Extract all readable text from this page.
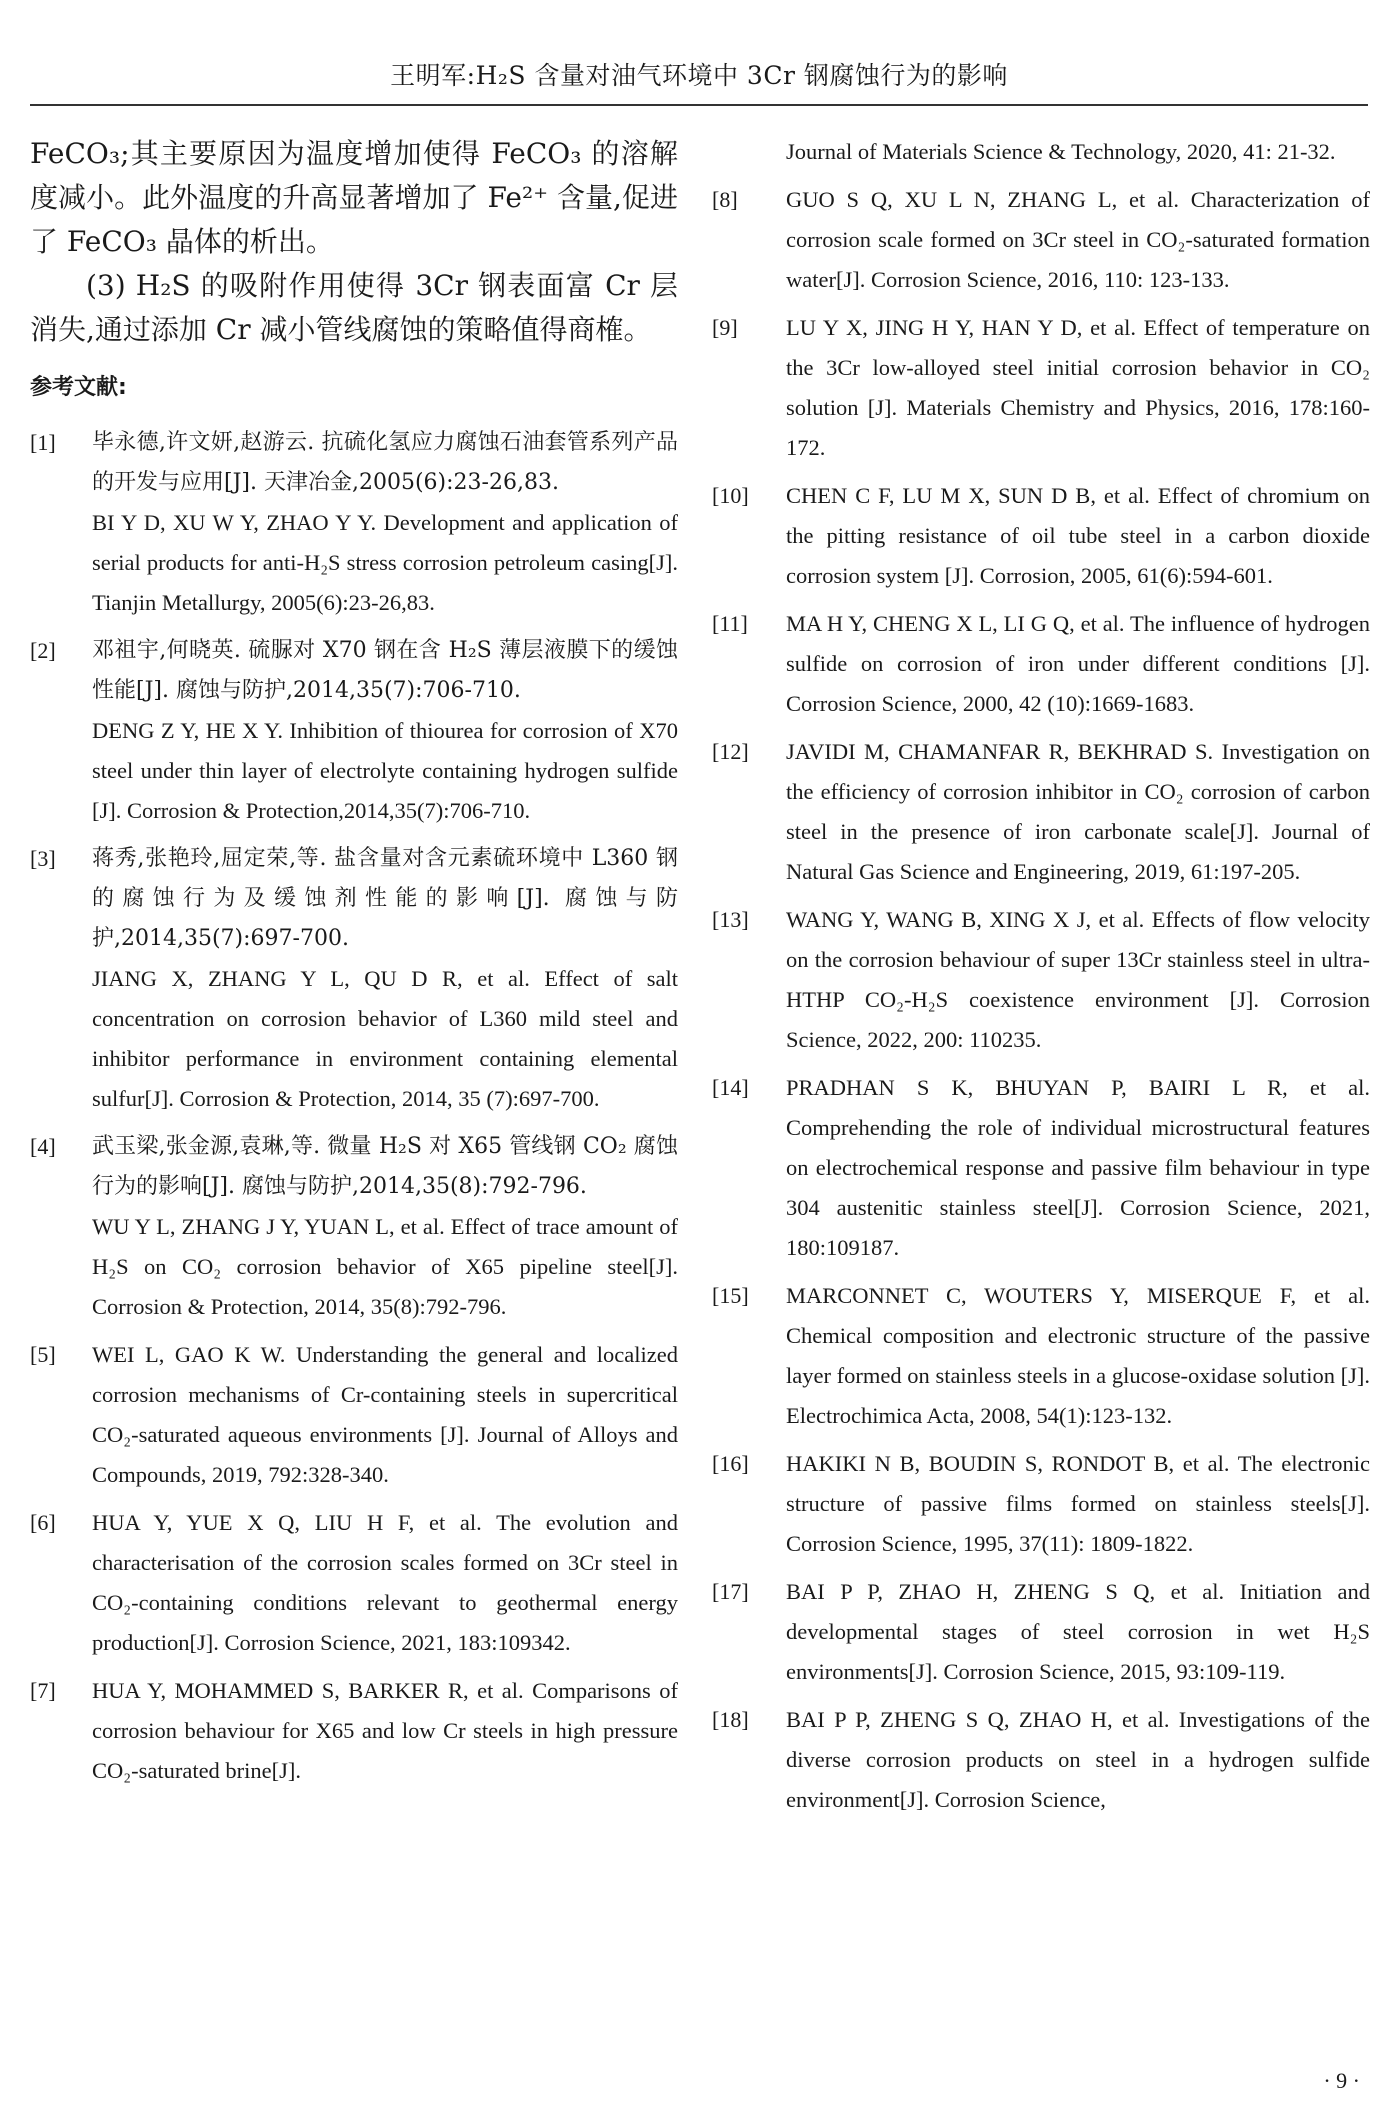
王明军:H₂S 含量对油气环境中 3Cr 钢腐蚀行为的影响

FeCO₃;其主要原因为温度增加使得 FeCO₃ 的溶解度减小。此外温度的升高显著增加了 Fe²⁺ 含量,促进了 FeCO₃ 晶体的析出。

(3) H₂S 的吸附作用使得 3Cr 钢表面富 Cr 层消失,通过添加 Cr 减小管线腐蚀的策略值得商榷。

参考文献:
[1] 毕永德,许文妍,赵游云. 抗硫化氢应力腐蚀石油套管系列产品的开发与应用[J]. 天津冶金,2005(6):23-26,83.

BI Y D, XU W Y, ZHAO Y Y. Development and application of serial products for anti-H₂S stress corrosion petroleum casing[J]. Tianjin Metallurgy, 2005(6):23-26,83.

[2] 邓祖宇,何晓英. 硫脲对 X70 钢在含 H₂S 薄层液膜下的缓蚀性能[J]. 腐蚀与防护,2014,35(7):706-710.

DENG Z Y, HE X Y. Inhibition of thiourea for corrosion of X70 steel under thin layer of electrolyte containing hydrogen sulfide [J]. Corrosion & Protection,2014,35(7):706-710.

[3] 蒋秀,张艳玲,屈定荣,等. 盐含量对含元素硫环境中 L360 钢的腐蚀行为及缓蚀剂性能的影响[J]. 腐蚀与防护,2014,35(7):697-700.

JIANG X, ZHANG Y L, QU D R, et al. Effect of salt concentration on corrosion behavior of L360 mild steel and inhibitor performance in environment containing elemental sulfur[J]. Corrosion & Protection, 2014, 35 (7):697-700.

[4] 武玉梁,张金源,袁琳,等. 微量 H₂S 对 X65 管线钢 CO₂ 腐蚀行为的影响[J]. 腐蚀与防护,2014,35(8):792-796.

WU Y L, ZHANG J Y, YUAN L, et al. Effect of trace amount of H₂S on CO₂ corrosion behavior of X65 pipeline steel[J]. Corrosion & Protection, 2014, 35(8):792-796.

[5] WEI L, GAO K W. Understanding the general and localized corrosion mechanisms of Cr-containing steels in supercritical CO₂-saturated aqueous environments [J]. Journal of Alloys and Compounds, 2019, 792:328-340.

[6] HUA Y, YUE X Q, LIU H F, et al. The evolution and characterisation of the corrosion scales formed on 3Cr steel in CO₂-containing conditions relevant to geothermal energy production[J]. Corrosion Science, 2021, 183:109342.

[7] HUA Y, MOHAMMED S, BARKER R, et al. Comparisons of corrosion behaviour for X65 and low Cr steels in high pressure CO₂-saturated brine[J].

Journal of Materials Science & Technology, 2020, 41: 21-32.

[8] GUO S Q, XU L N, ZHANG L, et al. Characterization of corrosion scale formed on 3Cr steel in CO₂-saturated formation water[J]. Corrosion Science, 2016, 110: 123-133.

[9] LU Y X, JING H Y, HAN Y D, et al. Effect of temperature on the 3Cr low-alloyed steel initial corrosion behavior in CO₂ solution [J]. Materials Chemistry and Physics, 2016, 178:160-172.

[10] CHEN C F, LU M X, SUN D B, et al. Effect of chromium on the pitting resistance of oil tube steel in a carbon dioxide corrosion system [J]. Corrosion, 2005, 61(6):594-601.

[11] MA H Y, CHENG X L, LI G Q, et al. The influence of hydrogen sulfide on corrosion of iron under different conditions [J]. Corrosion Science, 2000, 42 (10):1669-1683.

[12] JAVIDI M, CHAMANFAR R, BEKHRAD S. Investigation on the efficiency of corrosion inhibitor in CO₂ corrosion of carbon steel in the presence of iron carbonate scale[J]. Journal of Natural Gas Science and Engineering, 2019, 61:197-205.

[13] WANG Y, WANG B, XING X J, et al. Effects of flow velocity on the corrosion behaviour of super 13Cr stainless steel in ultra-HTHP CO₂-H₂S coexistence environment [J]. Corrosion Science, 2022, 200: 110235.

[14] PRADHAN S K, BHUYAN P, BAIRI L R, et al. Comprehending the role of individual microstructural features on electrochemical response and passive film behaviour in type 304 austenitic stainless steel[J]. Corrosion Science, 2021, 180:109187.

[15] MARCONNET C, WOUTERS Y, MISERQUE F, et al. Chemical composition and electronic structure of the passive layer formed on stainless steels in a glucose-oxidase solution [J]. Electrochimica Acta, 2008, 54(1):123-132.

[16] HAKIKI N B, BOUDIN S, RONDOT B, et al. The electronic structure of passive films formed on stainless steels[J]. Corrosion Science, 1995, 37(11): 1809-1822.

[17] BAI P P, ZHAO H, ZHENG S Q, et al. Initiation and developmental stages of steel corrosion in wet H₂S environments[J]. Corrosion Science, 2015, 93:109-119.

[18] BAI P P, ZHENG S Q, ZHAO H, et al. Investigations of the diverse corrosion products on steel in a hydrogen sulfide environment[J]. Corrosion Science,

· 9 ·
